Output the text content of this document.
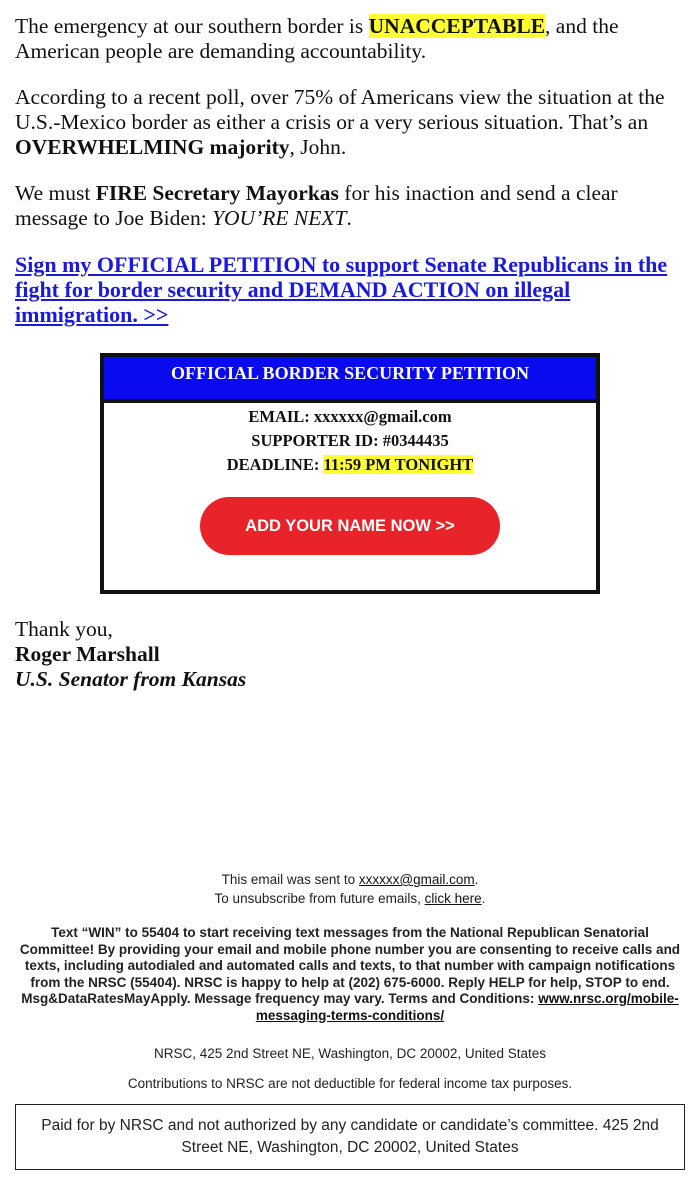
The emergency at our southern border is UNACCEPTABLE, and the American people are demanding accountability.

According to a recent poll, over 75% of Americans view the situation at the U.S.-Mexico border as either a crisis or a very serious situation. That’s an OVERWHELMING majority, John.

We must FIRE Secretary Mayorkas for his inaction and send a clear message to Joe Biden: YOU’RE NEXT.

Sign my OFFICIAL PETITION to support Senate Republicans in the fight for border security and DEMAND ACTION on illegal immigration. >>
OFFICIAL BORDER SECURITY PETITION
EMAIL: xxxxxx@gmail.com
SUPPORTER ID: #0344435
DEADLINE: 11:59 PM TONIGHT
ADD YOUR NAME NOW >>
Thank you,
Roger Marshall
U.S. Senator from Kansas

This email was sent to xxxxxx@gmail.com.

To unsubscribe from future emails, click here.

Text “WIN” to 55404 to start receiving text messages from the National Republican Senatorial Committee! By providing your email and mobile phone number you are consenting to receive calls and texts, including autodialed and automated calls and texts, to that number with campaign notifications from the NRSC (55404). NRSC is happy to help at (202) 675-6000. Reply HELP for help, STOP to end. Msg&DataRatesMayApply. Message frequency may vary. Terms and Conditions: www.nrsc.org/mobile-messaging-terms-conditions/

NRSC, 425 2nd Street NE, Washington, DC 20002, United States

Contributions to NRSC are not deductible for federal income tax purposes.

Paid for by NRSC and not authorized by any candidate or candidate’s committee. 425 2nd Street NE, Washington, DC 20002, United States
